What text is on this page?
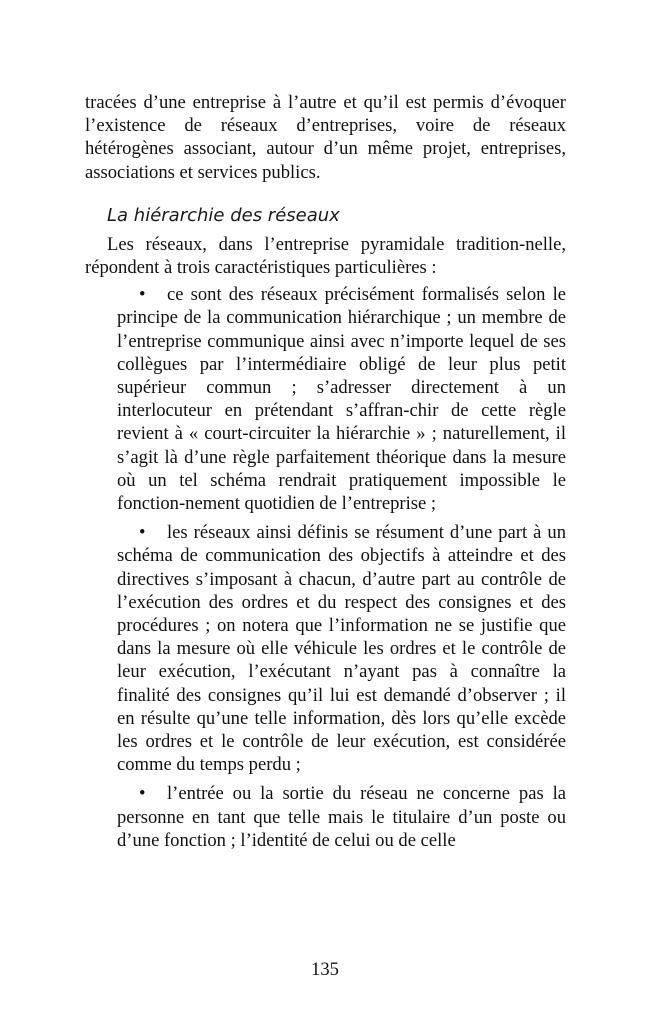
tracées d’une entreprise à l’autre et qu’il est permis d’évoquer l’existence de réseaux d’entreprises, voire de réseaux hétérogènes associant, autour d’un même projet, entreprises, associations et services publics.

La hiérarchie des réseaux

Les réseaux, dans l’entreprise pyramidale tradition-nelle, répondent à trois caractéristiques particulières :

• ce sont des réseaux précisément formalisés selon le principe de la communication hiérarchique ; un membre de l’entreprise communique ainsi avec n’importe lequel de ses collègues par l’intermédiaire obligé de leur plus petit supérieur commun ; s’adresser directement à un interlocuteur en prétendant s’affran-chir de cette règle revient à « court-circuiter la hiérarchie » ; naturellement, il s’agit là d’une règle parfaitement théorique dans la mesure où un tel schéma rendrait pratiquement impossible le fonction-nement quotidien de l’entreprise ;

• les réseaux ainsi définis se résument d’une part à un schéma de communication des objectifs à atteindre et des directives s’imposant à chacun, d’autre part au contrôle de l’exécution des ordres et du respect des consignes et des procédures ; on notera que l’information ne se justifie que dans la mesure où elle véhicule les ordres et le contrôle de leur exécution, l’exécutant n’ayant pas à connaître la finalité des consignes qu’il lui est demandé d’observer ; il en résulte qu’une telle information, dès lors qu’elle excède les ordres et le contrôle de leur exécution, est considérée comme du temps perdu ;

• l’entrée ou la sortie du réseau ne concerne pas la personne en tant que telle mais le titulaire d’un poste ou d’une fonction ; l’identité de celui ou de celle

135
